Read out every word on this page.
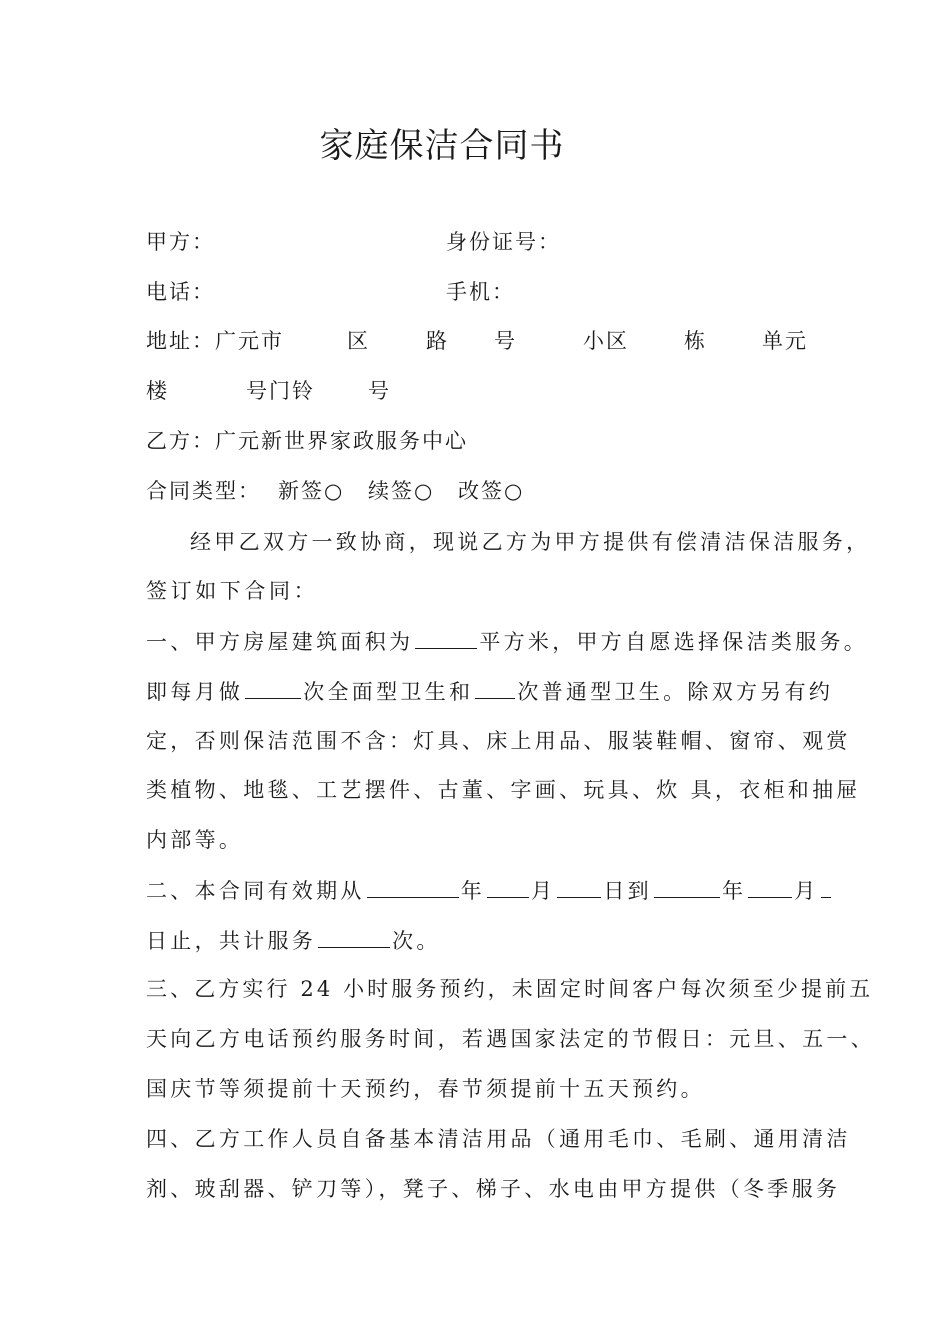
家庭保洁合同书
甲方：	身份证号：
电话：	手机：
地址：广元市	区	路 号	小区	栋	单元
楼	号门铃	号
乙方：广元新世界家政服务中心
合同类型： 新签○ 续签○ 改签○
经甲乙双方一致协商，现说乙方为甲方提供有偿清洁保洁服务，
签订如下合同：
一、甲方房屋建筑面积为	平方米，甲方自愿选择保洁类服务。
即每月做	次全面型卫生和 次普通型卫生。除双方另有约
定，否则保洁范围不含：灯具、床上用品、服装鞋帽、窗帘、观赏
类植物、地毯、工艺摆件、古董、字画、玩具、炊 具，衣柜和抽屉
内部等。
二、本合同有效期从	年 月 日到	年 月
日止，共计服务	次。
三、乙方实行 24 小时服务预约，未固定时间客户每次须至少提前五
天向乙方电话预约服务时间，若遇国家法定的节假日：元旦、五一、
国庆节等须提前十天预约，春节须提前十五天预约。
四、乙方工作人员自备基本清洁用品（通用毛巾、毛刷、通用清洁
剂、玻刮器、铲刀等），凳子、梯子、水电由甲方提供（冬季服务
